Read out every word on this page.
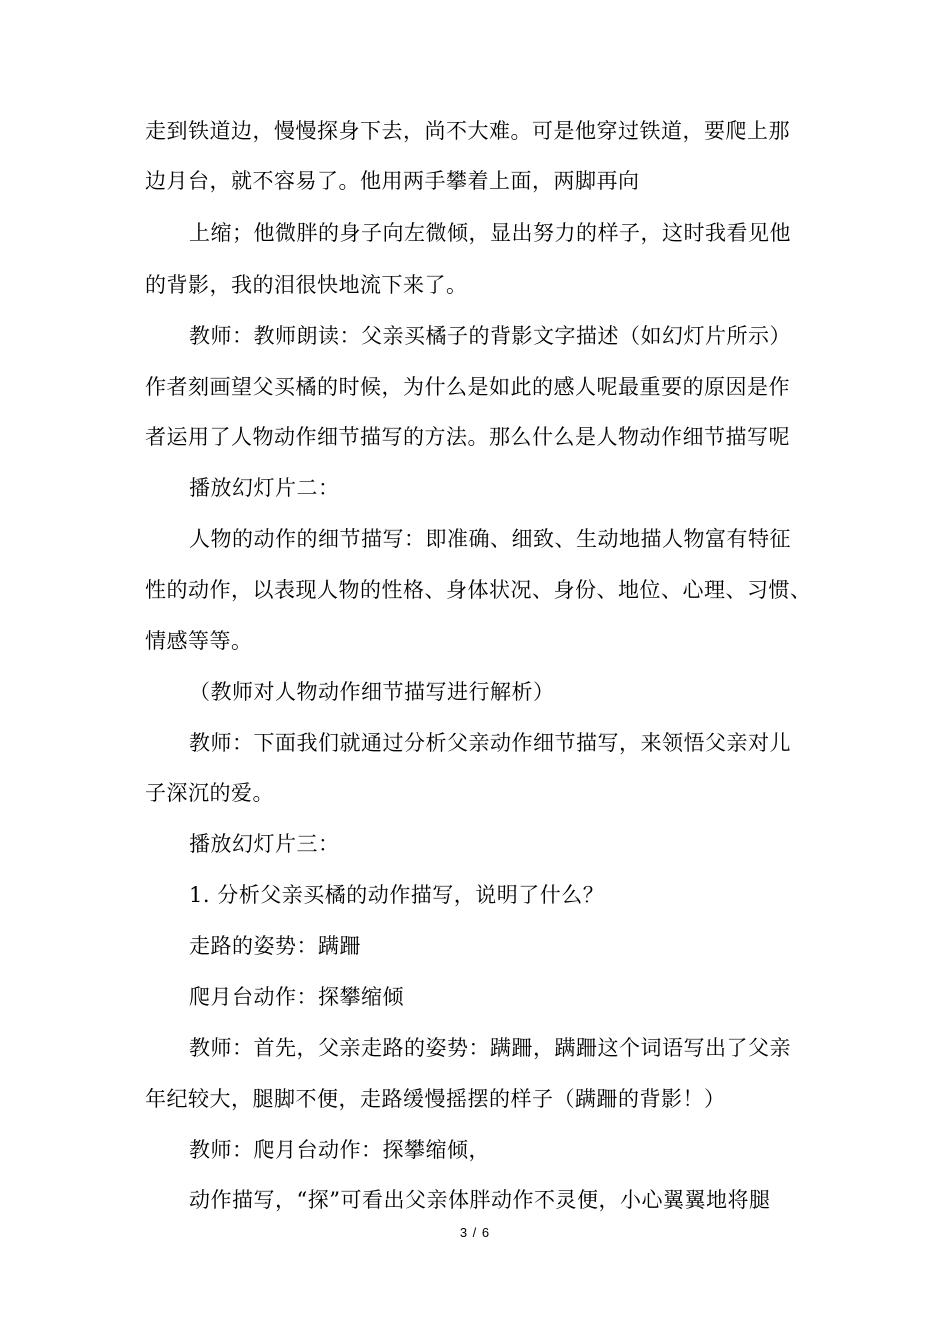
走到铁道边，慢慢探身下去，尚不大难。可是他穿过铁道，要爬上那
边月台，就不容易了。他用两手攀着上面，两脚再向
上缩；他微胖的身子向左微倾，显出努力的样子，这时我看见他
的背影，我的泪很快地流下来了。
教师：教师朗读：父亲买橘子的背影文字描述（如幻灯片所示）
作者刻画望父买橘的时候，为什么是如此的感人呢最重要的原因是作
者运用了人物动作细节描写的方法。那么什么是人物动作细节描写呢
播放幻灯片二：
人物的动作的细节描写：即准确、细致、生动地描人物富有特征
性的动作，以表现人物的性格、身体状况、身份、地位、心理、习惯、
情感等等。
（教师对人物动作细节描写进行解析）
教师：下面我们就通过分析父亲动作细节描写，来领悟父亲对儿
子深沉的爱。
播放幻灯片三：
1. 分析父亲买橘的动作描写，说明了什么？
走路的姿势：蹒跚
爬月台动作：探攀缩倾
教师：首先，父亲走路的姿势：蹒跚，蹒跚这个词语写出了父亲
年纪较大，腿脚不便，走路缓慢摇摆的样子（蹒跚的背影！）
教师：爬月台动作：探攀缩倾，
动作描写，“探”可看出父亲体胖动作不灵便，小心翼翼地将腿
3 / 6
